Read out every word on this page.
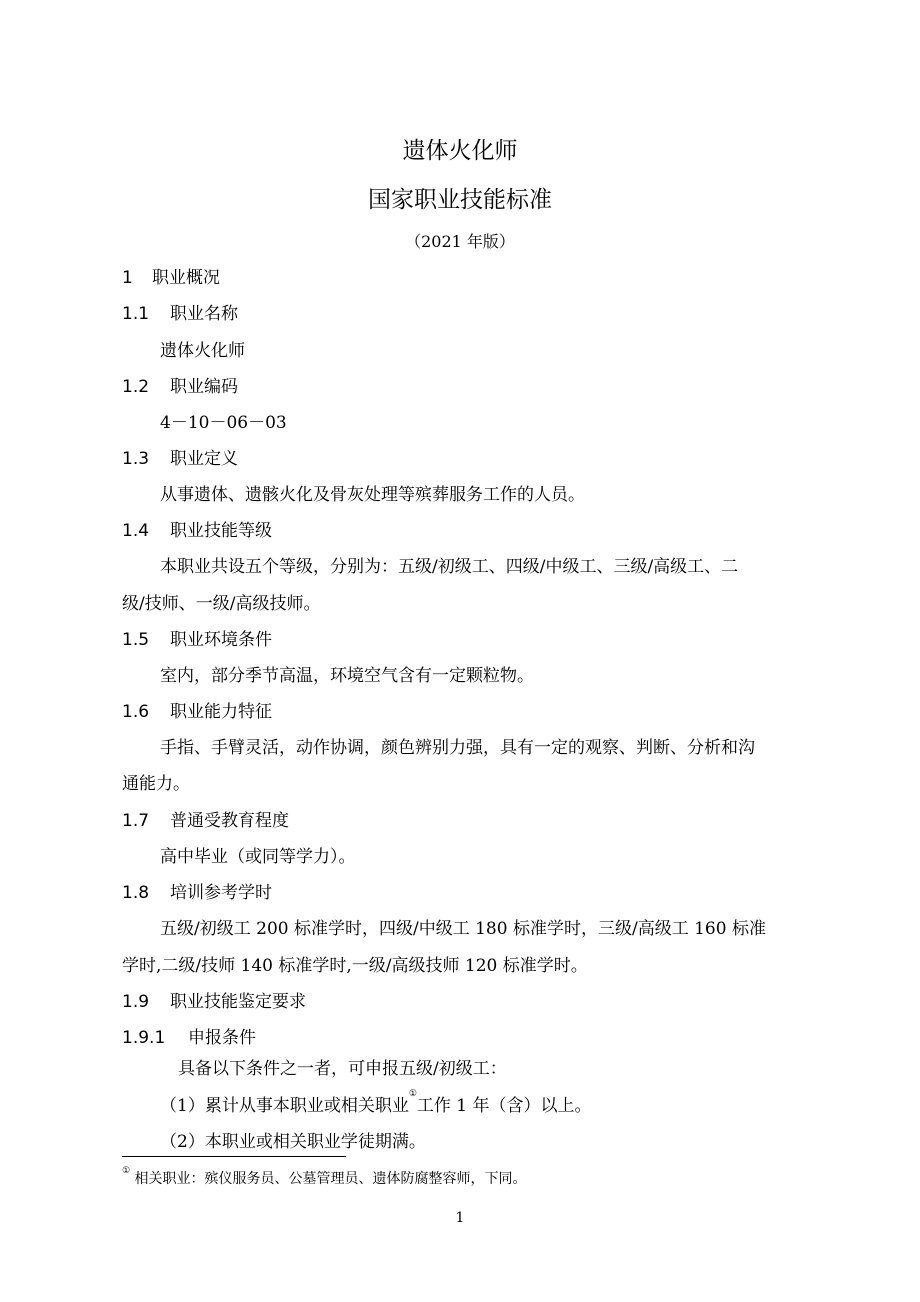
遗体火化师
国家职业技能标准
（2021 年版）
1 职业概况
1.1 职业名称
遗体火化师
1.2 职业编码
4－10－06－03
1.3 职业定义
从事遗体、遗骸火化及骨灰处理等殡葬服务工作的人员。
1.4 职业技能等级
本职业共设五个等级，分别为：五级/初级工、四级/中级工、三级/高级工、二
级/技师、一级/高级技师。
1.5 职业环境条件
室内，部分季节高温，环境空气含有一定颗粒物。
1.6 职业能力特征
手指、手臂灵活，动作协调，颜色辨别力强，具有一定的观察、判断、分析和沟
通能力。
1.7 普通受教育程度
高中毕业（或同等学力）。
1.8 培训参考学时
五级/初级工 200 标准学时，四级/中级工 180 标准学时，三级/高级工 160 标准
学时,二级/技师 140 标准学时,一级/高级技师 120 标准学时。
1.9 职业技能鉴定要求
1.9.1 申报条件
具备以下条件之一者，可申报五级/初级工：
（1）累计从事本职业或相关职业①工作 1 年（含）以上。
（2）本职业或相关职业学徒期满。
① 相关职业：殡仪服务员、公墓管理员、遗体防腐整容师，下同。
1
